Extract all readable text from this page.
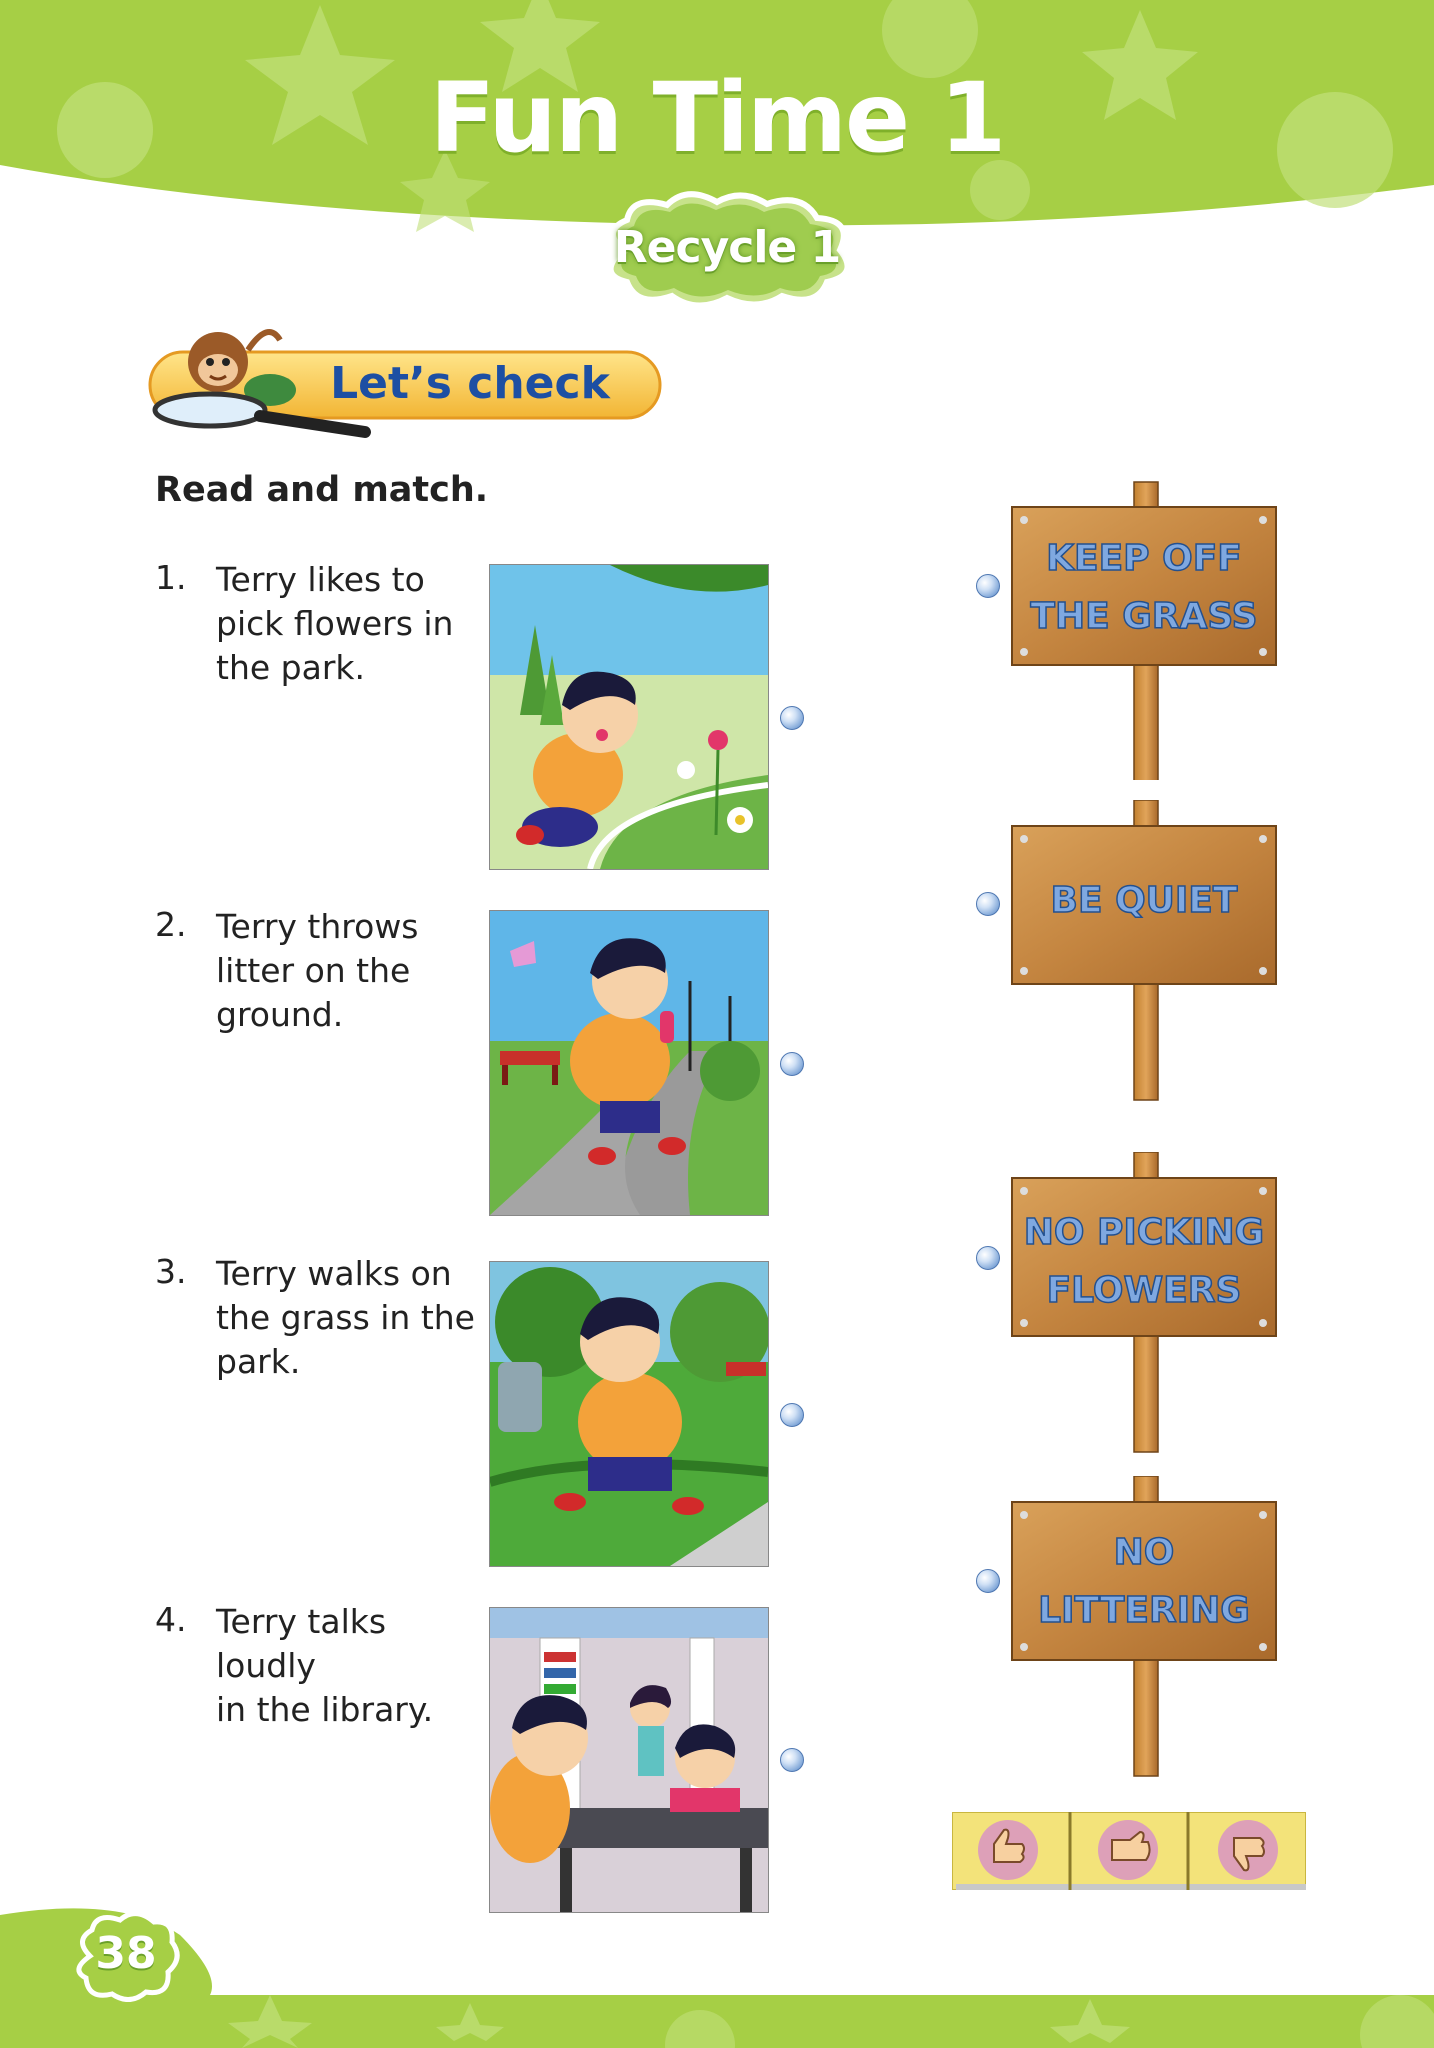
Fun Time 1
Recycle 1
Let’s check
Read and match.
1. Terry likes to
pick flowers in
the park.
2. Terry throws
litter on the
ground.
3. Terry walks on
the grass in the
park.
4. Terry talks loudly
in the library.
KEEP OFF
THE GRASS
BE QUIET
NO PICKING
FLOWERS
NO
LITTERING
38
